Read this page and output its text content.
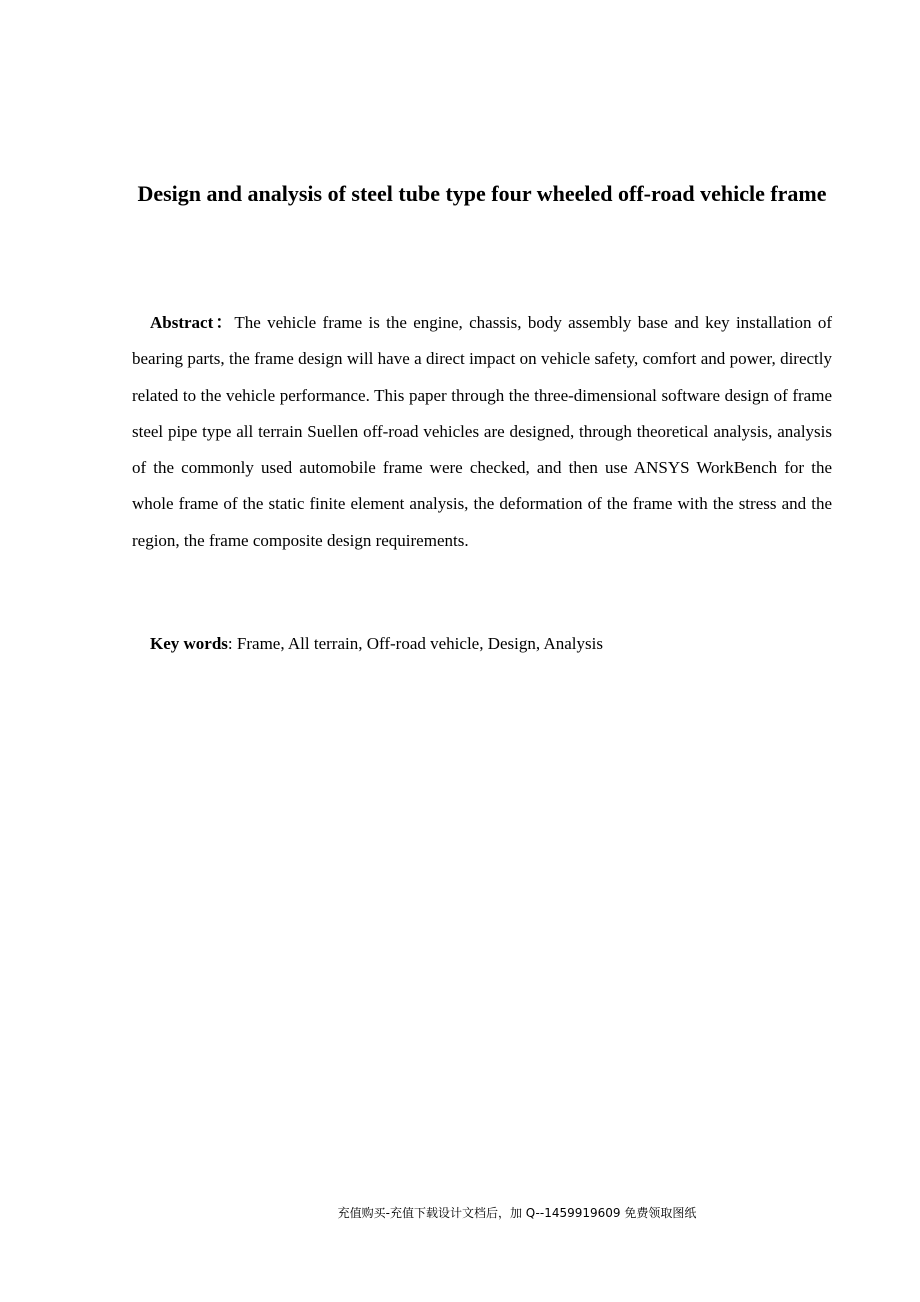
Design and analysis of steel tube type four wheeled off-road vehicle frame

Abstract：The vehicle frame is the engine, chassis, body assembly base and key installation of bearing parts, the frame design will have a direct impact on vehicle safety, comfort and power, directly related to the vehicle performance. This paper through the three-dimensional software design of frame steel pipe type all terrain Suellen off-road vehicles are designed, through theoretical analysis, analysis of the commonly used automobile frame were checked, and then use ANSYS WorkBench for the whole frame of the static finite element analysis, the deformation of the frame with the stress and the region, the frame composite design requirements.

Key words: Frame, All terrain, Off-road vehicle, Design, Analysis

充值购买-充值下载设计文档后，加 Q--1459919609 免费领取图纸
